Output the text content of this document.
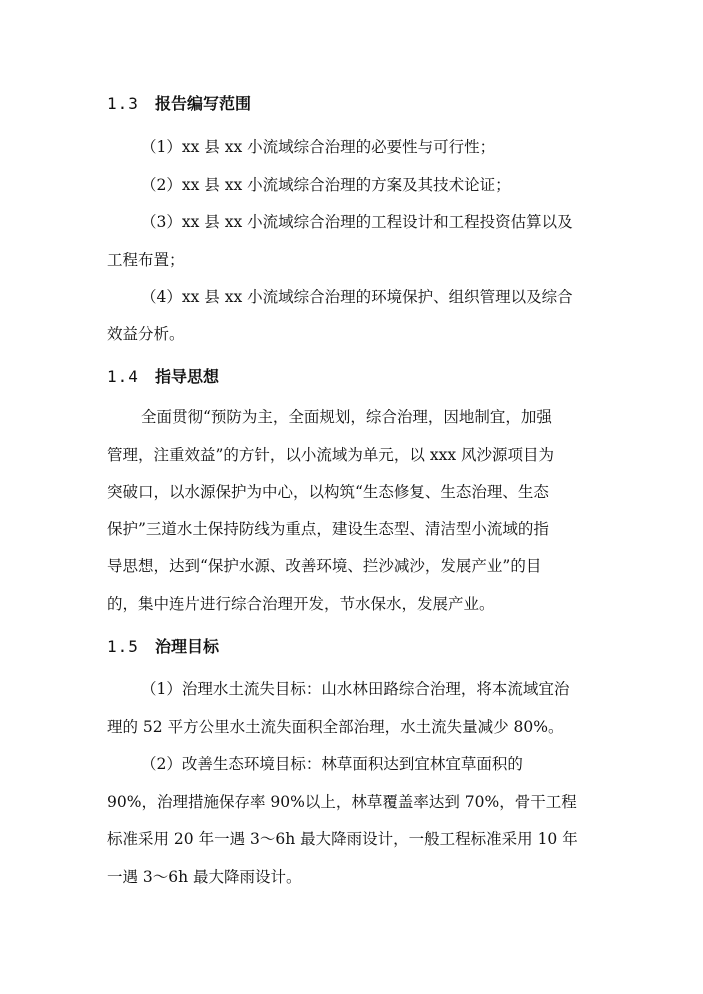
1.3 报告编写范围
（1）xx 县 xx 小流域综合治理的必要性与可行性；
（2）xx 县 xx 小流域综合治理的方案及其技术论证；
（3）xx 县 xx 小流域综合治理的工程设计和工程投资估算以及
工程布置；
（4）xx 县 xx 小流域综合治理的环境保护、组织管理以及综合
效益分析。
1.4 指导思想
全面贯彻“预防为主，全面规划，综合治理，因地制宜，加强
管理，注重效益”的方针，以小流域为单元，以 xxx 风沙源项目为
突破口，以水源保护为中心，以构筑“生态修复、生态治理、生态
保护”三道水土保持防线为重点，建设生态型、清洁型小流域的指
导思想，达到“保护水源、改善环境、拦沙减沙，发展产业”的目
的，集中连片进行综合治理开发，节水保水，发展产业。
1.5 治理目标
（1）治理水土流失目标：山水林田路综合治理，将本流域宜治
理的 52 平方公里水土流失面积全部治理，水土流失量减少 80%。
（2）改善生态环境目标：林草面积达到宜林宜草面积的
90%，治理措施保存率 90%以上，林草覆盖率达到 70%，骨干工程
标准采用 20 年一遇 3～6h 最大降雨设计，一般工程标准采用 10 年
一遇 3～6h 最大降雨设计。
